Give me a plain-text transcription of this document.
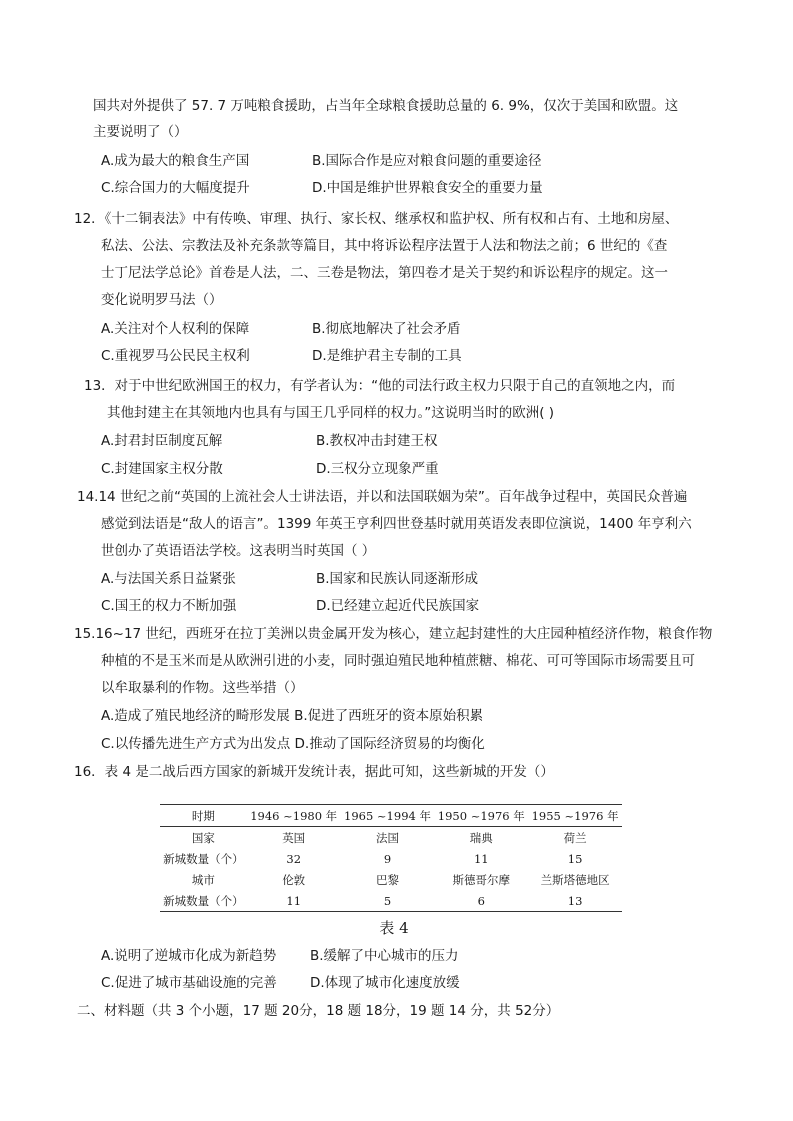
国共对外提供了 57. 7 万吨粮食援助，占当年全球粮食援助总量的 6. 9%，仅次于美国和欧盟。这
主要说明了（）
A.成为最大的粮食生产国	B.国际合作是应对粮食问题的重要途径
C.综合国力的大幅度提升	D.中国是维护世界粮食安全的重要力量
12．《十二铜表法》中有传唤、审理、执行、家长权、继承权和监护权、所有权和占有、土地和房屋、
私法、公法、宗教法及补充条款等篇目，其中将诉讼程序法置于人法和物法之前；6 世纪的《查
士丁尼法学总论》首卷是人法，二、三卷是物法，第四卷才是关于契约和诉讼程序的规定。这一
变化说明罗马法（）
A.关注对个人权利的保障	B.彻底地解决了社会矛盾
C.重视罗马公民民主权利	D.是维护君主专制的工具
13．对于中世纪欧洲国王的权力，有学者认为：“他的司法行政主权力只限于自己的直领地之内，而
其他封建主在其领地内也具有与国王几乎同样的权力。”这说明当时的欧洲( )
A.封君封臣制度瓦解	B.教权冲击封建王权
C.封建国家主权分散	D.三权分立现象严重
14.14 世纪之前“英国的上流社会人士讲法语，并以和法国联姻为荣”。百年战争过程中，英国民众普遍
感觉到法语是“敌人的语言”。1399 年英王亨利四世登基时就用英语发表即位演说，1400 年亨利六
世创办了英语语法学校。这表明当时英国（ ）
A.与法国关系日益紧张	B.国家和民族认同逐渐形成
C.国王的权力不断加强	D.已经建立起近代民族国家
15.16~17 世纪，西班牙在拉丁美洲以贵金属开发为核心，建立起封建性的大庄园种植经济作物，粮食作物
种植的不是玉米而是从欧洲引进的小麦，同时强迫殖民地种植蔗糖、棉花、可可等国际市场需要且可
以牟取暴利的作物。这些举措（）
A.造成了殖民地经济的畸形发展 B.促进了西班牙的资本原始积累
C.以传播先进生产方式为出发点 D.推动了国际经济贸易的均衡化
16．表 4 是二战后西方国家的新城开发统计表，据此可知，这些新城的开发（）
时期	1946 ~1980 年	1965 ~1994 年	1950 ~1976 年	1955 ~1976 年
国家	英国	法国	瑞典	荷兰
新城数量（个）	32	9	11	15
城市	伦敦	巴黎	斯德哥尔摩	兰斯塔德地区
新城数量（个）	11	5	6	13
表 4
A.说明了逆城市化成为新趋势 B.缓解了中心城市的压力
C.促进了城市基础设施的完善 D.体现了城市化速度放缓
二、材料题（共 3 个小题，17 题 20分，18 题 18分，19 题 14 分，共 52分）
